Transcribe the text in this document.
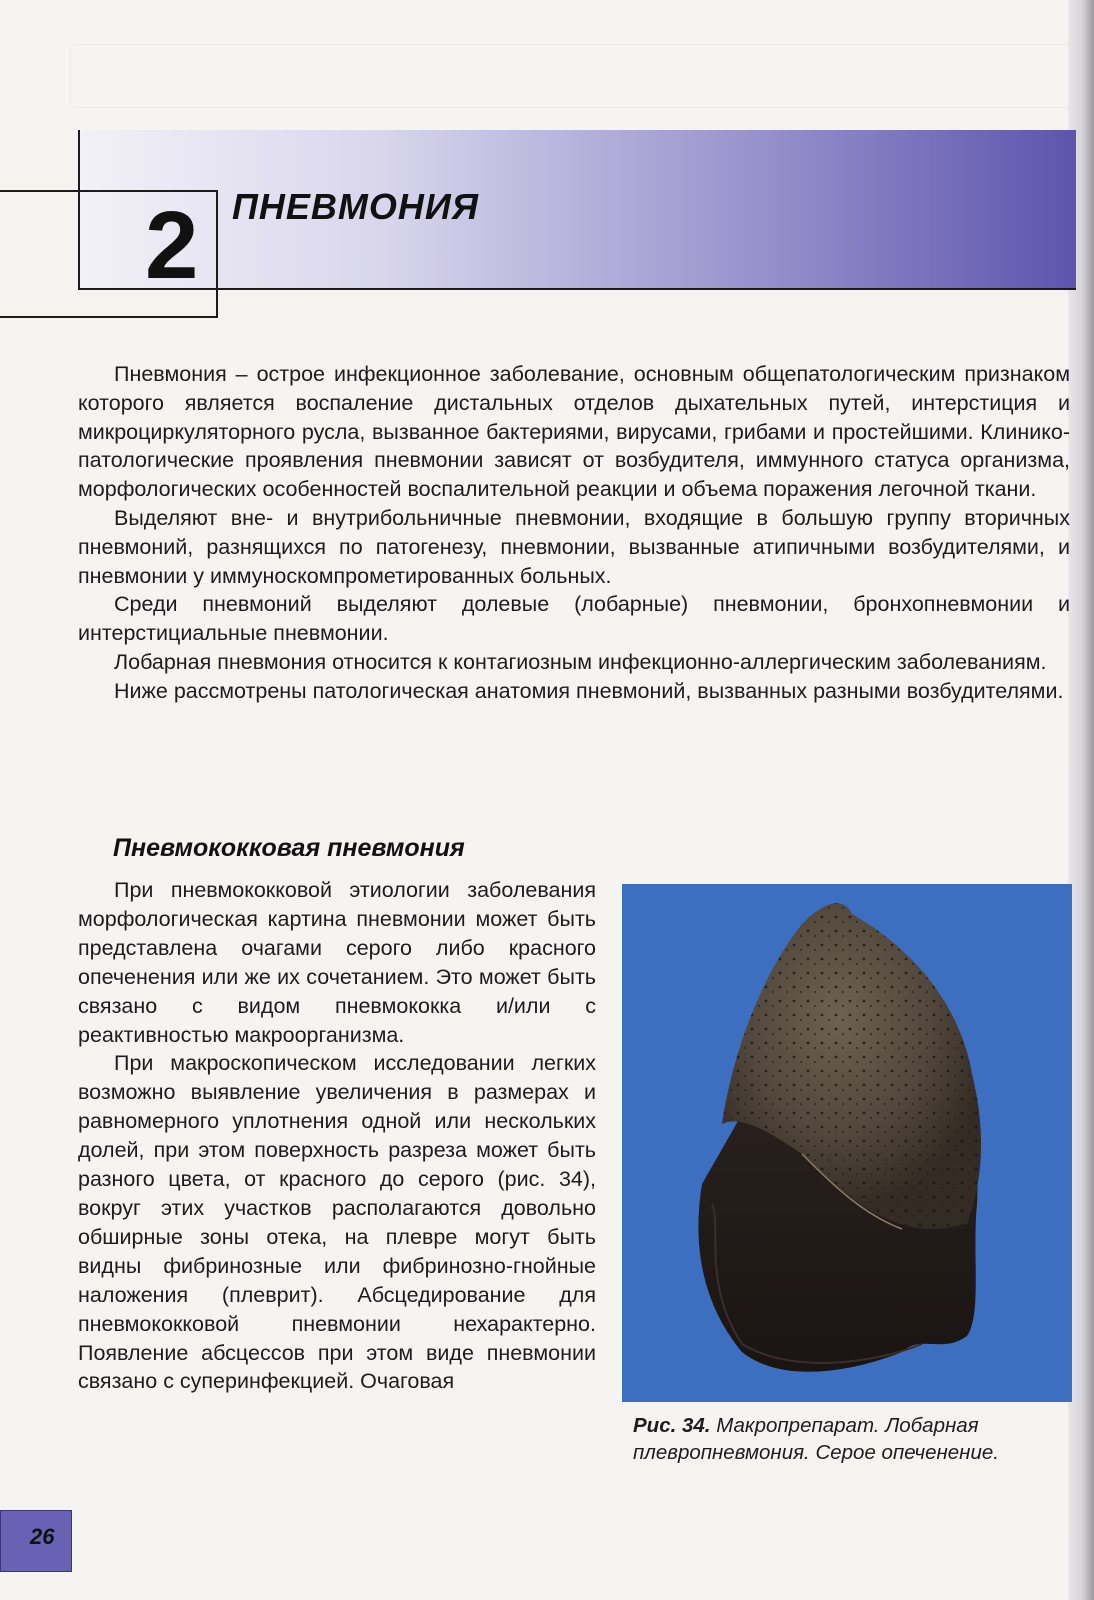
2 ПНЕВМОНИЯ

Пневмония – острое инфекционное заболевание, основным общепатологическим признаком которого является воспаление дистальных отделов дыхательных путей, интерстиция и микроциркуляторного русла, вызванное бактериями, вирусами, грибами и простейшими. Клинико-патологические проявления пневмонии зависят от возбудителя, иммунного статуса организма, морфологических особенностей воспалительной реакции и объема поражения легочной ткани.

Выделяют вне- и внутрибольничные пневмонии, входящие в большую группу вторичных пневмоний, разнящихся по патогенезу, пневмонии, вызванные атипичными возбудителями, и пневмонии у иммуноскомпрометированных больных.

Среди пневмоний выделяют долевые (лобарные) пневмонии, бронхопневмонии и интерстициальные пневмонии.

Лобарная пневмония относится к контагиозным инфекционно-аллергическим заболеваниям.

Ниже рассмотрены патологическая анатомия пневмоний, вызванных разными возбудителями.

Пневмококковая пневмония

При пневмококковой этиологии заболевания морфологическая картина пневмонии может быть представлена очагами серого либо красного опеченения или же их сочетанием. Это может быть связано с видом пневмококка и/или с реактивностью макроорганизма.

При макроскопическом исследовании легких возможно выявление увеличения в размерах и равномерного уплотнения одной или нескольких долей, при этом поверхность разреза может быть разного цвета, от красного до серого (рис. 34), вокруг этих участков располагаются довольно обширные зоны отека, на плевре могут быть видны фибринозные или фибринозно-гнойные наложения (плеврит). Абсцедирование для пневмококковой пневмонии нехарактерно. Появление абсцессов при этом виде пневмонии связано с суперинфекцией. Очаговая

Рис. 34. Макропрепарат. Лобарная плевропневмония. Серое опеченение.
26
